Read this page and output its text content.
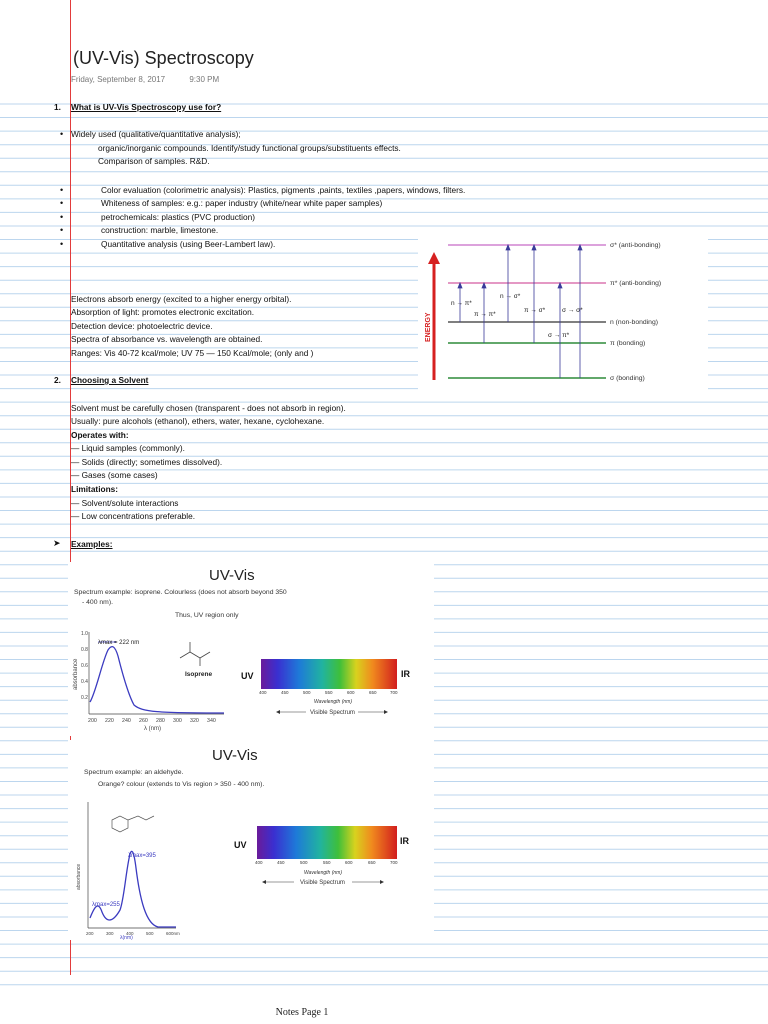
(UV-Vis) Spectroscopy
Friday, September 8, 2017	9:30 PM
1. What is UV-Vis Spectroscopy use for?
• Widely used (qualitative/quantitative analysis);
organic/inorganic compounds. Identify/study functional groups/substituents effects.
Comparison of samples. R&D.
•	Color evaluation (colorimetric analysis): Plastics, pigments ,paints, textiles ,papers, windows, filters.
•	Whiteness of samples: e.g.: paper industry (white/near white paper samples)
•	petrochemicals: plastics (PVC production)
•	construction: marble, limestone.
•	Quantitative analysis (using Beer-Lambert law).
Electrons absorb energy (excited to a higher energy orbital).
Absorption of light: promotes electronic excitation.
Detection device: photoelectric device.
Spectra of absorbance vs. wavelength are obtained.
Ranges: Vis 40-72 kcal/mole; UV 75 — 150 Kcal/mole; (only and )
ENERGY
σ* (anti-bonding)
π* (anti-bonding)
n (non-bonding)
π (bonding)
σ (bonding)
n → π*
π → π*
n → σ*
π → σ*	σ → σ*
σ → π*
2. Choosing a Solvent
Solvent must be carefully chosen (transparent - does not absorb in region).
Usually: pure alcohols (ethanol), ethers, water, hexane, cyclohexane.
Operates with:
— Liquid samples (commonly).
— Solids (directly; sometimes dissolved).
— Gases (some cases)
Limitations:
— Solvent/solute interactions
— Low concentrations preferable.
➤ Examples:
UV-Vis
Spectrum example: isoprene. Colourless (does not absorb beyond 350
- 400 nm).
Thus, UV region only
λmax = 222 nm
1.0
0.8
0.6
0.4
0.2
absorbance
200 220 240 260 280 300 320 340
λ (nm)
Isoprene	UV	IR
400	450	500	550	600	650	700
Wavelength (nm)
Visible Spectrum
UV-Vis
Spectrum example: an aldehyde.
Orange? colour (extends to Vis region > 350 - 400 nm).
λmax=395
λmax=255
absorbance
200	300	400	500	600nm
λ(nm)
UV	IR
400	450	500	550	600	650	700
Wavelength (nm)
Visible Spectrum
Notes Page 1
